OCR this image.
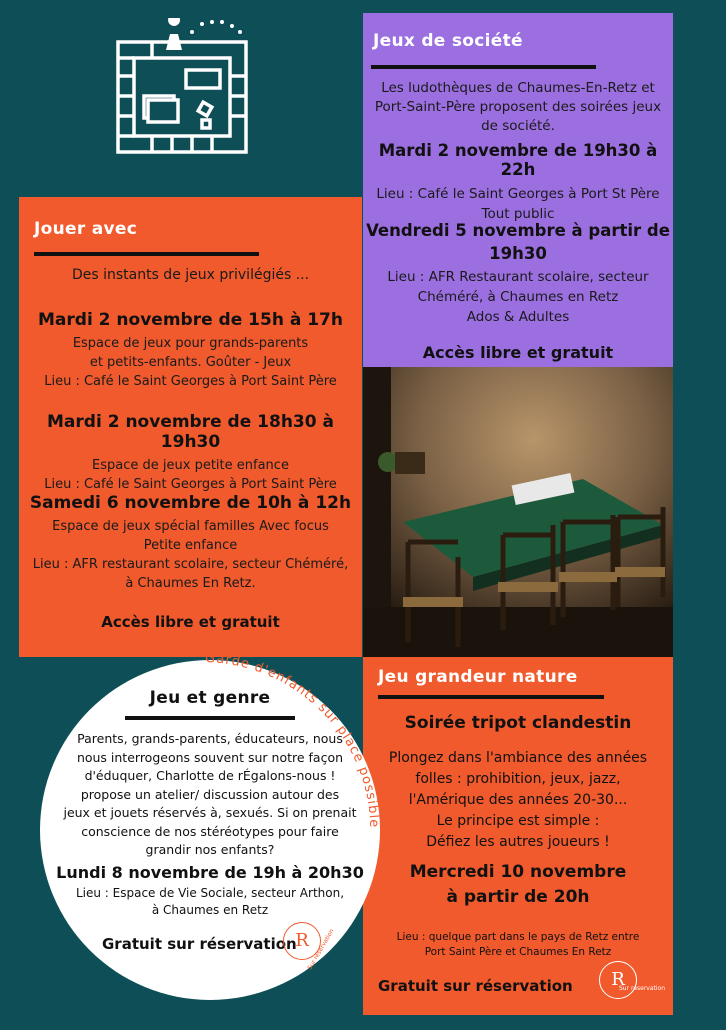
Jeux de société
Les ludothèques de Chaumes-En-Retz et
Port-Saint-Père proposent des soirées jeux
de société.
Mardi 2 novembre de 19h30 à 22h
Lieu : Café le Saint Georges à Port St Père
Tout public
Vendredi 5 novembre à partir de
19h30
Lieu : AFR Restaurant scolaire, secteur
Chéméré, à Chaumes en Retz
Ados & Adultes
Accès libre et gratuit
Jouer avec
Des instants de jeux privilégiés ...
Mardi 2 novembre de 15h à 17h
Espace de jeux pour grands-parents
et petits-enfants. Goûter - Jeux
Lieu : Café le Saint Georges à Port Saint Père
Mardi 2 novembre de 18h30 à 19h30
Espace de jeux petite enfance
Lieu : Café le Saint Georges à Port Saint Père
Samedi 6 novembre de 10h à 12h
Espace de jeux spécial familles Avec focus
Petite enfance
Lieu : AFR restaurant scolaire, secteur Chéméré,
à Chaumes En Retz.
Accès libre et gratuit
Jeu grandeur nature
Soirée tripot clandestin
Plongez dans l'ambiance des années
folles : prohibition, jeux, jazz,
l'Amérique des années 20-30...
Le principe est simple :
Défiez les autres joueurs !
Mercredi 10 novembre
à partir de 20h
Lieu : quelque part dans le pays de Retz entre
Port Saint Père et Chaumes En Retz
Gratuit sur réservation	R
Sur réservation
Jeu et genre
Parents, grands-parents, éducateurs, nous
nous interrogeons souvent sur notre façon
d'éduquer, Charlotte de rÉgalons-nous !
propose un atelier/ discussion autour des
jeux et jouets réservés à, sexués. Si on prenait
conscience de nos stéréotypes pour faire
grandir nos enfants?
Lundi 8 novembre de 19h à 20h30
Lieu : Espace de Vie Sociale, secteur Arthon,
à Chaumes en Retz
Gratuit sur réservation
R
Sur réservation
Garde d'enfants sur place possible
